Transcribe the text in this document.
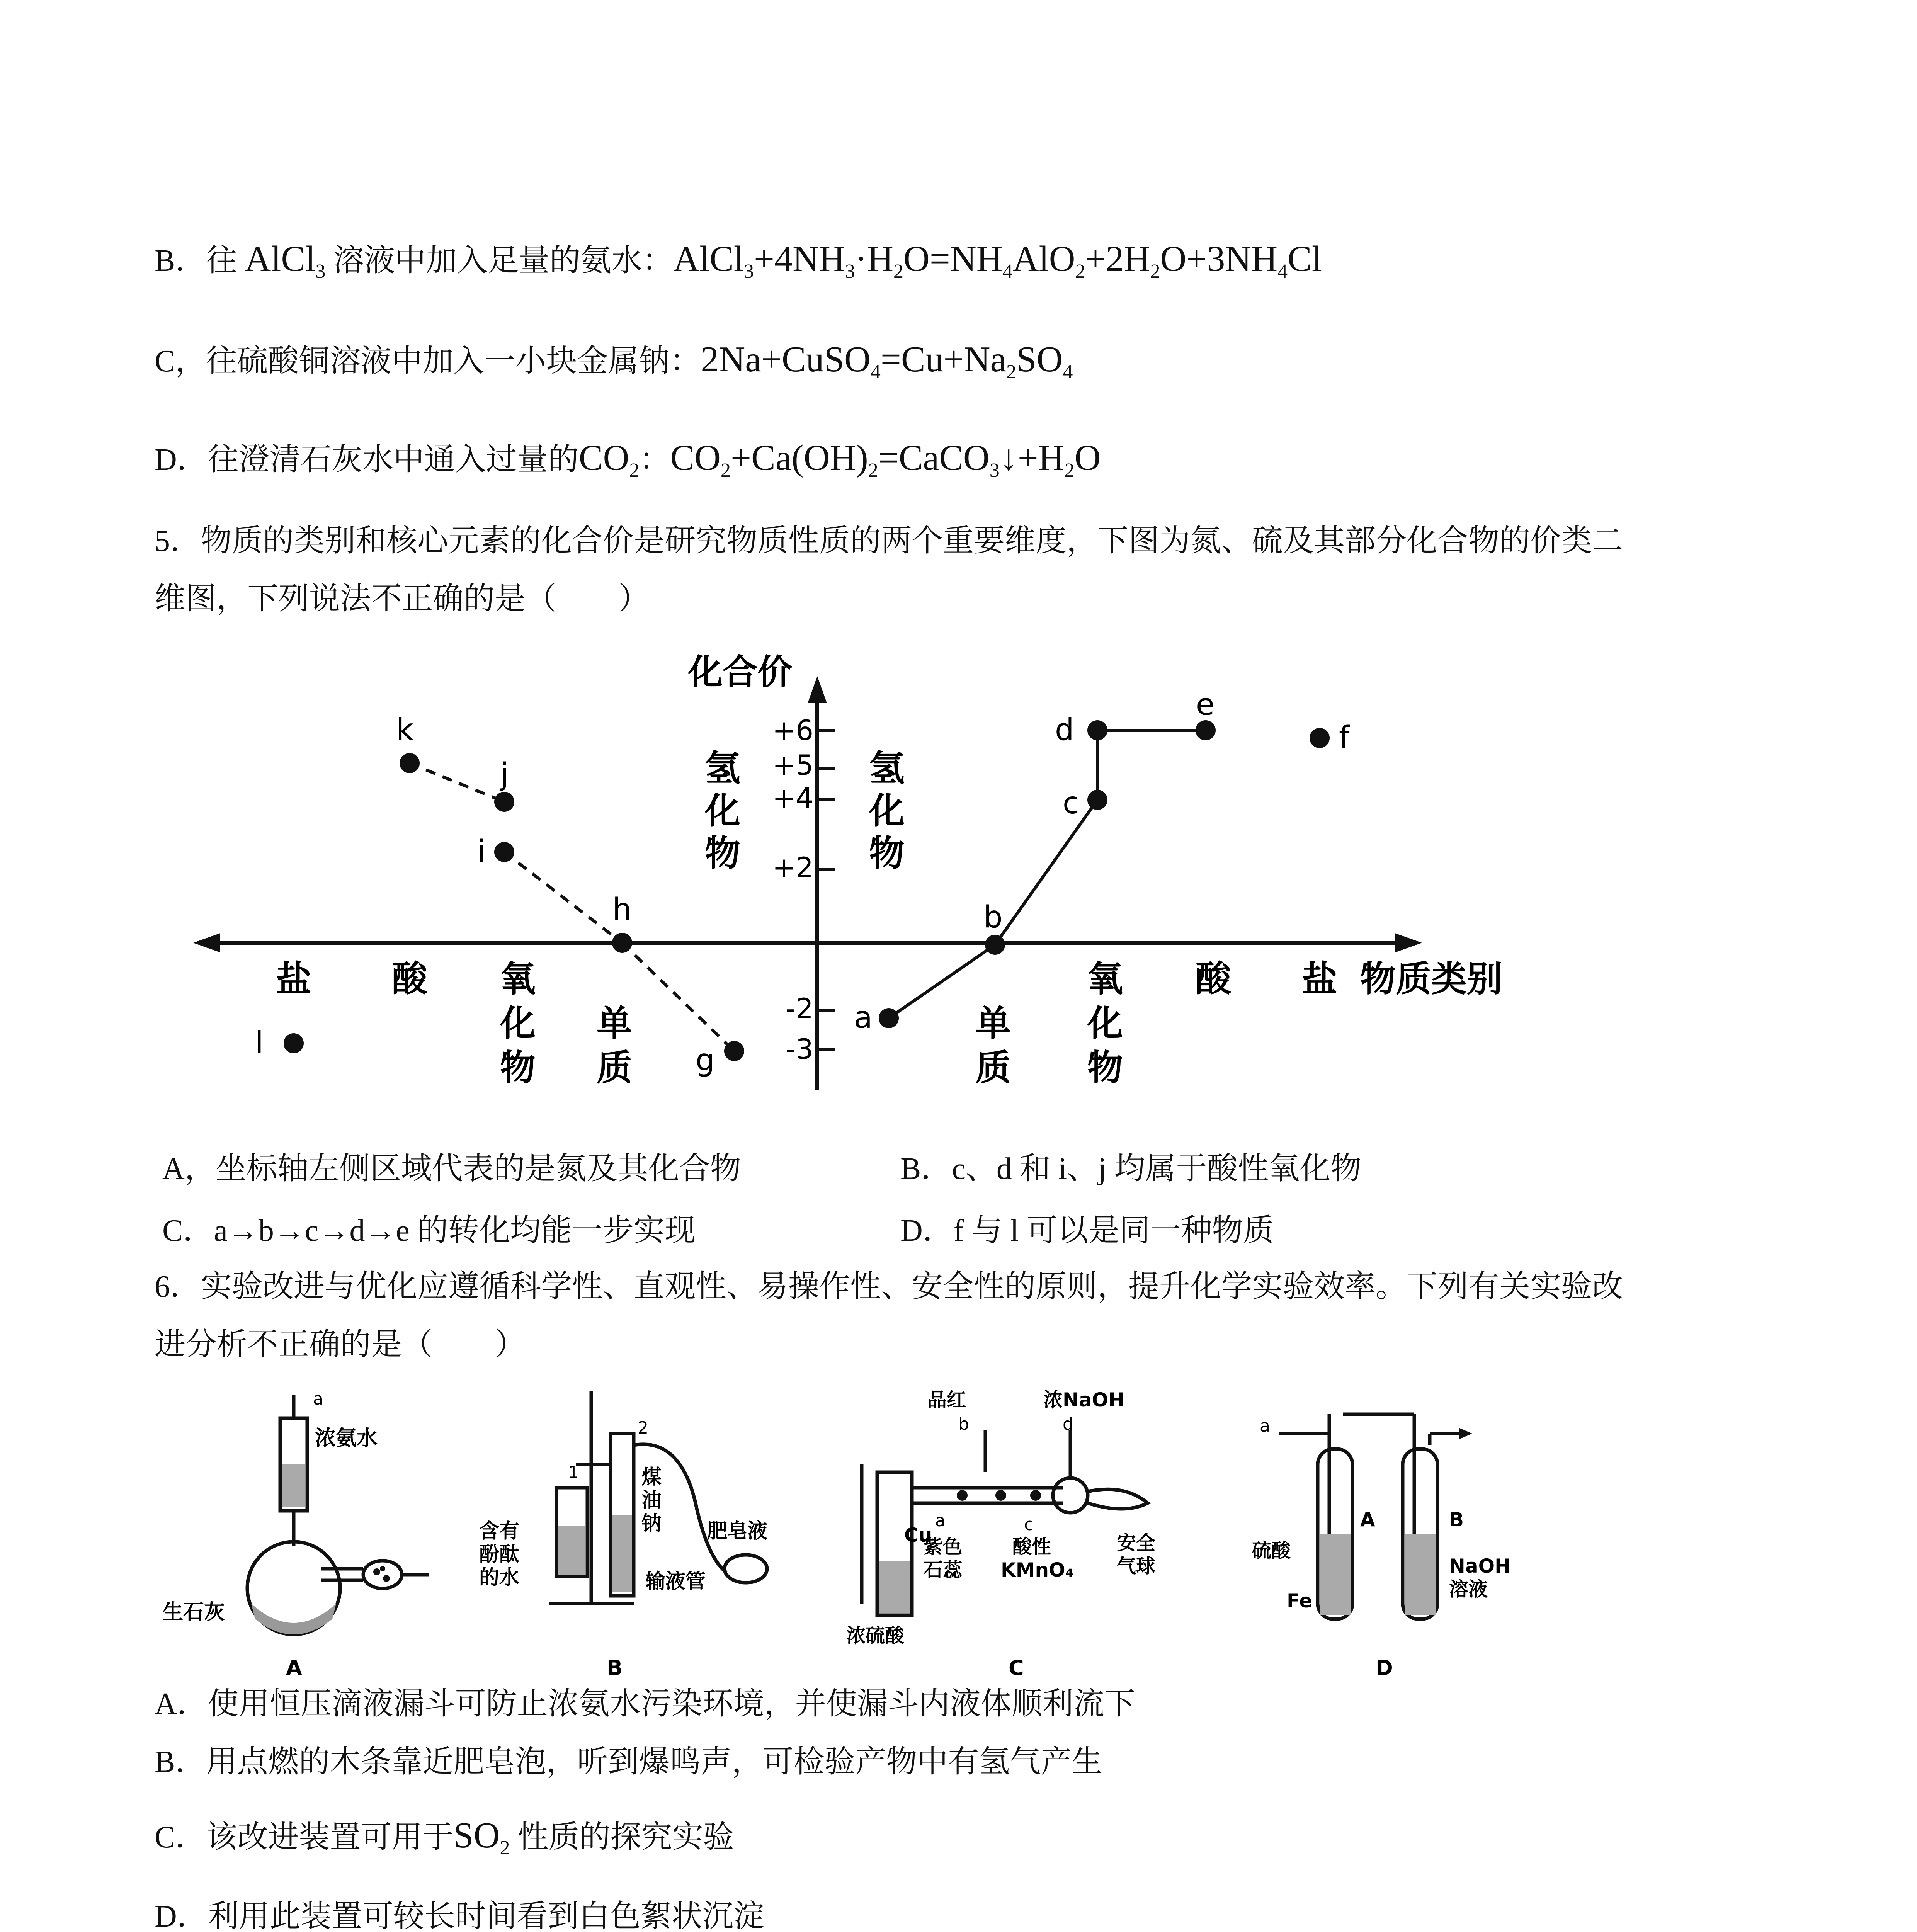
B．往 AlCl$_3$ 溶液中加入足量的氨水：$AlCl_3+4NH_3\cdot H_2O=NH_4AlO_2+2H_2O+3NH_4Cl$
C，往硫酸铜溶液中加入一小块金属钠：$2Na+CuSO_4=Cu+Na_2SO_4$
D．往澄清石灰水中通入过量的$CO_2$：$CO_2+Ca(OH)_2=CaCO_3↓+H_2O$
5．物质的类别和核心元素的化合价是研究物质性质的两个重要维度，下图为氮、硫及其部分化合物的价类二
维图，下列说法不正确的是（　　）
化合价
+6
+5
+4
+2
-2
-3
氢
化
物
氢
化
物
盐 酸 氧
化
物
单
质
单
质
氧
化
物
酸 盐 物质类别
a
b
c
d
e
f
g
h
i
j
k
l
A，坐标轴左侧区域代表的是氮及其化合物	B．c、d 和 i、j 均属于酸性氧化物
C．a→b→c→d→e 的转化均能一步实现	D．f 与 l 可以是同一种物质
6．实验改进与优化应遵循科学性、直观性、易操作性、安全性的原则，提升化学实验效率。下列有关实验改
进分析不正确的是（　　）
a
浓氨水
生石灰
A
1
2
含有
酚酞
的水
煤
油
钠 肥皂液
输液管
B
品红	浓NaOH
b	d
Cu
a
紫色
石蕊
c
酸性
KMnO₄
安全
气球
浓硫酸
C
a
A	B
硫酸
Fe
NaOH
溶液
D
A．使用恒压滴液漏斗可防止浓氨水污染环境，并使漏斗内液体顺利流下
B．用点燃的木条靠近肥皂泡，听到爆鸣声，可检验产物中有氢气产生
C．该改进装置可用于$SO_2$ 性质的探究实验
D．利用此装置可较长时间看到白色絮状沉淀
